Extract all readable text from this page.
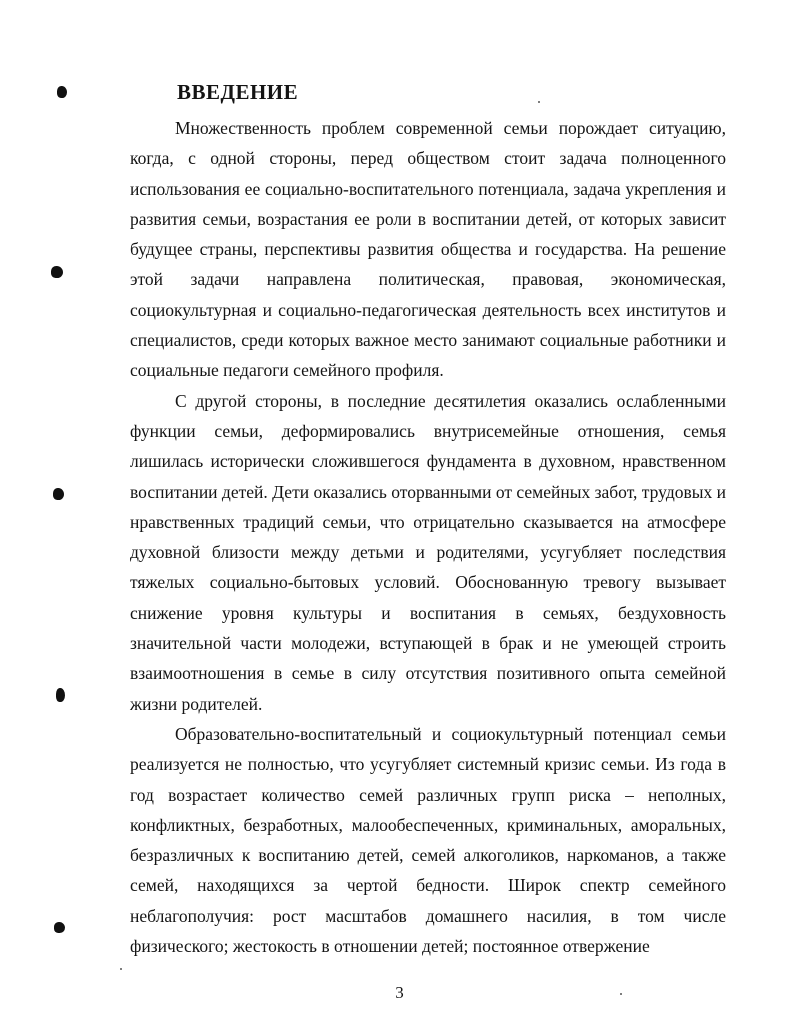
ВВЕДЕНИЕ

Множественность проблем современной семьи порождает ситуацию, когда, с одной стороны, перед обществом стоит задача полноценного использования ее социально-воспитательного потенциала, задача укрепления и развития семьи, возрастания ее роли в воспитании детей, от которых зависит будущее страны, перспективы развития общества и государства. На решение этой задачи направлена политическая, правовая, экономическая, социокультурная и социально-педагогическая деятельность всех институтов и специалистов, среди которых важное место занимают социальные работники и социальные педагоги семейного профиля.

С другой стороны, в последние десятилетия оказались ослабленными функции семьи, деформировались внутрисемейные отношения, семья лишилась исторически сложившегося фундамента в духовном, нравственном воспитании детей. Дети оказались оторванными от семейных забот, трудовых и нравственных традиций семьи, что отрицательно сказывается на атмосфере духовной близости между детьми и родителями, усугубляет последствия тяжелых социально-бытовых условий. Обоснованную тревогу вызывает снижение уровня культуры и воспитания в семьях, бездуховность значительной части молодежи, вступающей в брак и не умеющей строить взаимоотношения в семье в силу отсутствия позитивного опыта семейной жизни родителей.

Образовательно-воспитательный и социокультурный потенциал семьи реализуется не полностью, что усугубляет системный кризис семьи. Из года в год возрастает количество семей различных групп риска – неполных, конфликтных, безработных, малообеспеченных, криминальных, аморальных, безразличных к воспитанию детей, семей алкоголиков, наркоманов, а также семей, находящихся за чертой бедности. Широк спектр семейного неблагополучия: рост масштабов домашнего насилия, в том числе физического; жестокость в отношении детей; постоянное отвержение

3
